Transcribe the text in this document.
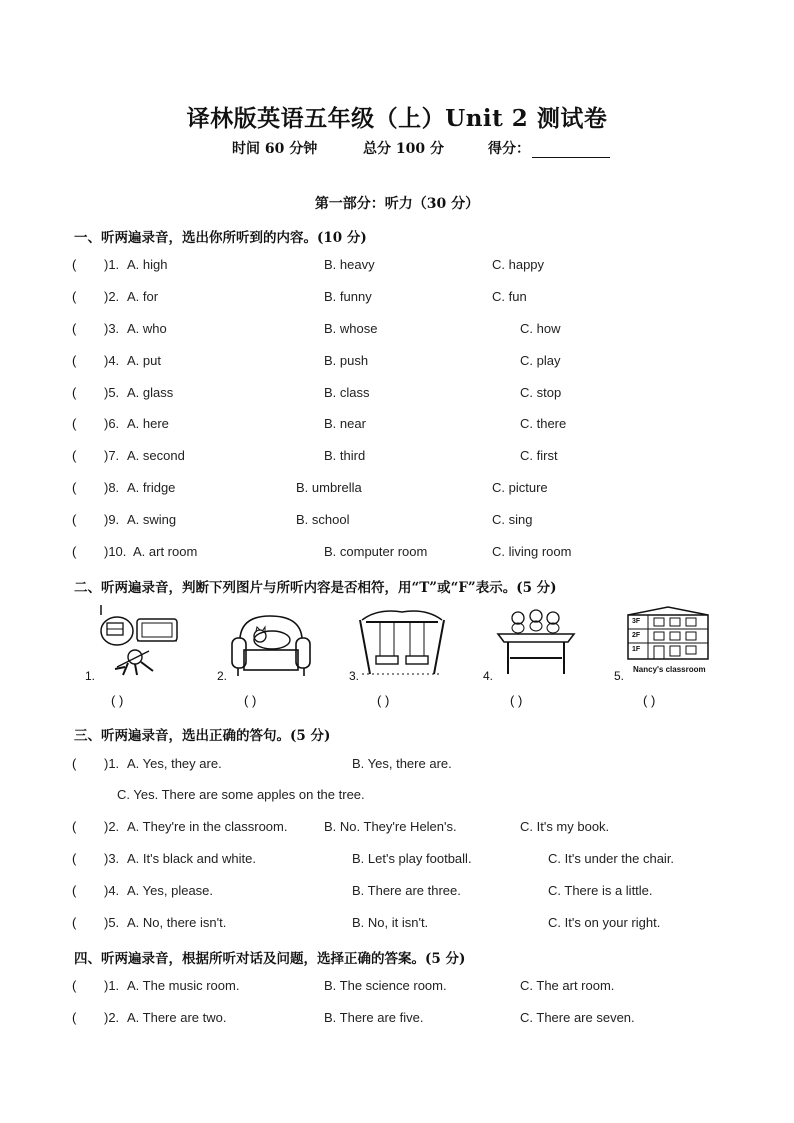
译林版英语五年级（上）Unit 2 测试卷
时间 60 分钟	总分 100 分	得分：
第一部分：听力（30 分）
一、听两遍录音，选出你所听到的内容。(10 分)
( )1. A. high	B. heavy	C. happy
( )2. A. for	B. funny	C. fun
( )3. A. who	B. whose	C. how
( )4. A. put	B. push	C. play
( )5. A. glass	B. class	C. stop
( )6. A. here	B. near	C. there
( )7. A. second	B. third	C. first
( )8. A. fridge	B. umbrella	C. picture
( )9. A. swing	B. school	C. sing
( )10. A. art room	B. computer room	C. living room
二、听两遍录音，判断下列图片与所听内容是否相符，用“T”或“F”表示。(5 分)
1.	2.	3.	4.
3F
2F
1F
Nancy's classroom
5.
( )	( )	( )	( )	( )
三、听两遍录音，选出正确的答句。(5 分)
( )1. A. Yes, they are.	B. Yes, there are.
C. Yes. There are some apples on the tree.
( )2. A. They're in the classroom.	B. No. They're Helen's.	C. It's my book.
( )3. A. It's black and white.	B. Let's play football.	C. It's under the chair.
( )4. A. Yes, please.	B. There are three.	C. There is a little.
( )5. A. No, there isn't.	B. No, it isn't.	C. It's on your right.
四、听两遍录音，根据所听对话及问题，选择正确的答案。(5 分)
( )1. A. The music room.	B. The science room.	C. The art room.
( )2. A. There are two.	B. There are five.	C. There are seven.
